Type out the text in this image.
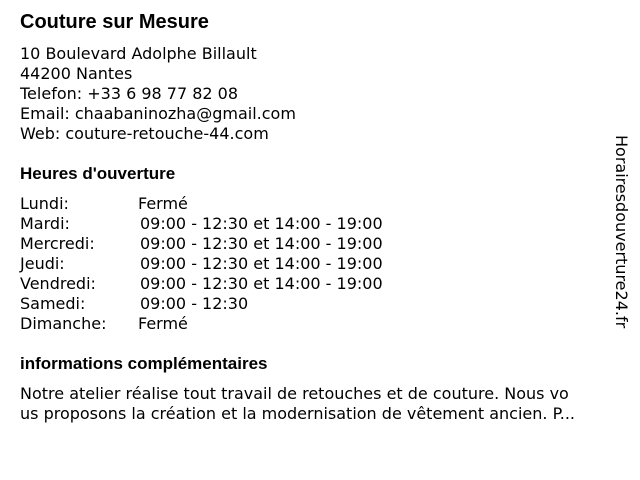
Couture sur Mesure
10 Boulevard Adolphe Billault
44200 Nantes
Telefon: +33 6 98 77 82 08
Email: chaabaninozha@gmail.com
Web: couture-retouche-44.com
Heures d'ouverture
Lundi:	Fermé
Mardi:	09:00 - 12:30 et 14:00 - 19:00
Mercredi:	09:00 - 12:30 et 14:00 - 19:00
Jeudi:	09:00 - 12:30 et 14:00 - 19:00
Vendredi:	09:00 - 12:30 et 14:00 - 19:00
Samedi:	09:00 - 12:30
Dimanche: Fermé
informations complémentaires
Notre atelier réalise tout travail de retouches et de couture. Nous vo
us proposons la création et la modernisation de vêtement ancien. P...
Horairesdouverture24.fr
